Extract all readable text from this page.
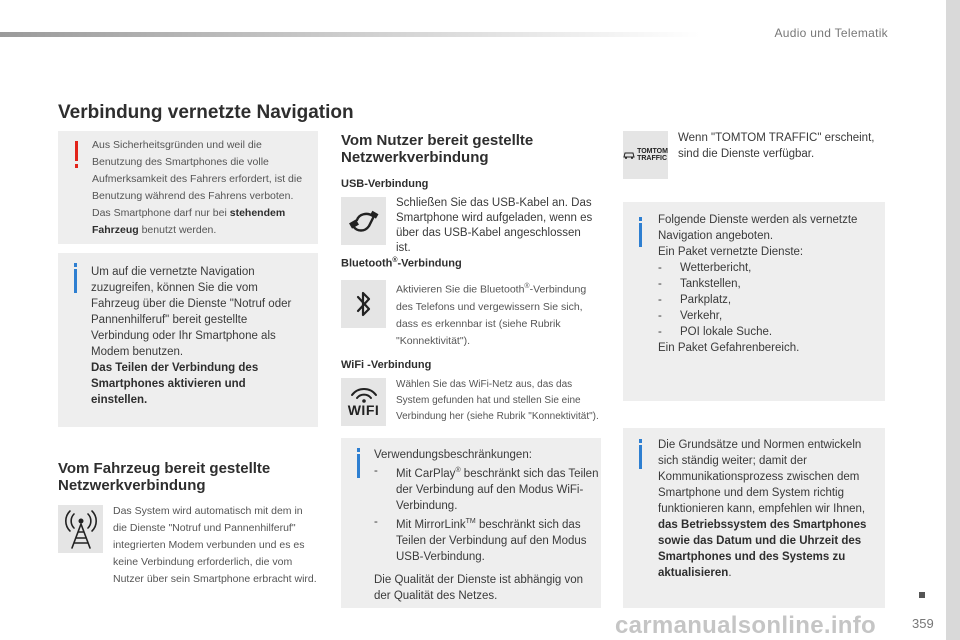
Audio und Telematik
Verbindung vernetzte Navigation

Aus Sicherheitsgründen und weil die Benutzung des Smartphones die volle Aufmerksamkeit des Fahrers erfordert, ist die Benutzung während des Fahrens verboten. Das Smartphone darf nur bei stehendem Fahrzeug benutzt werden.

Um auf die vernetzte Navigation zuzugreifen, können Sie die vom Fahrzeug über die Dienste "Notruf oder Pannenhilferuf" bereit gestellte Verbindung oder Ihr Smartphone als Modem benutzen.
Das Teilen der Verbindung des Smartphones aktivieren und einstellen.

Vom Fahrzeug bereit gestellte Netzwerkverbindung

Das System wird automatisch mit dem in die Dienste "Notruf und Pannenhilferuf" integrierten Modem verbunden und es es keine Verbindung erforderlich, die vom Nutzer über sein Smartphone erbracht wird.

Vom Nutzer bereit gestellte Netzwerkverbindung
USB-Verbindung

Schließen Sie das USB-Kabel an. Das Smartphone wird aufgeladen, wenn es über das USB-Kabel angeschlossen ist.

Bluetooth®-Verbindung

Aktivieren Sie die Bluetooth®-Verbindung des Telefons und vergewissern Sie sich, dass es erkennbar ist (siehe Rubrik "Konnektivität").

WiFi -Verbindung
WIFI

Wählen Sie das WiFi-Netz aus, das das System gefunden hat und stellen Sie eine Verbindung her (siehe Rubrik "Konnektivität").

Verwendungsbeschränkungen:

-	Mit CarPlay® beschränkt sich das Teilen der Verbindung auf den Modus WiFi-Verbindung.
-	Mit MirrorLink™ beschränkt sich das Teilen der Verbindung auf den Modus USB-Verbindung.

Die Qualität der Dienste ist abhängig von der Qualität des Netzes.

TOMTOM
TRAFFIC

Wenn "TOMTOM TRAFFIC" erscheint, sind die Dienste verfügbar.

Folgende Dienste werden als vernetzte Navigation angeboten.

Ein Paket vernetzte Dienste:

-	Wetterbericht,
-	Tankstellen,
-	Parkplatz,
-	Verkehr,
-	POI lokale Suche.

Ein Paket Gefahrenbereich.

Die Grundsätze und Normen entwickeln sich ständig weiter; damit der Kommunikationsprozess zwischen dem Smartphone und dem System richtig funktionieren kann, empfehlen wir Ihnen, das Betriebssystem des Smartphones sowie das Datum und die Uhrzeit des Smartphones und des Systems zu aktualisieren.

carmanualsonline.info	359
